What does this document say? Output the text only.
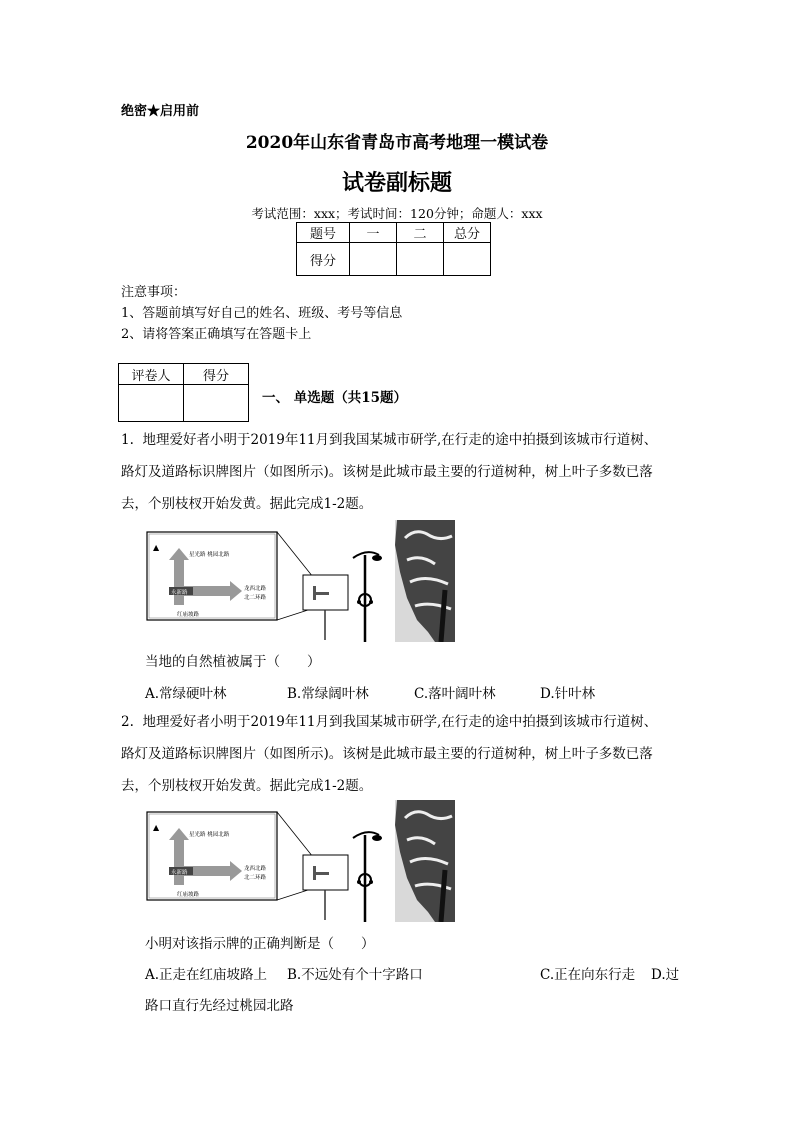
绝密★启用前
2020年山东省青岛市高考地理一模试卷
试卷副标题
考试范围：xxx；考试时间：120分钟；命题人：xxx
题号	一	二	总分
得分			
注意事项：
1、答题前填写好自己的姓名、班级、考号等信息
2、请将答案正确填写在答题卡上
评卷人	得分

一、 单选题（共15题）
1. 地理爱好者小明于2019年11月到我国某城市研学,在行走的途中拍摄到该城市行道树、
路灯及道路标识牌图片（如图所示)。该树是此城市最主要的行道树种，树上叶子多数已落
去，个别枝杈开始发黄。据此完成1-2题。
▲
永新路
星光路 桃园北路
龙西北路
北二环路
红庙坡路
当地的自然植被属于（　　）
A.常绿硬叶林	B.常绿阔叶林	C.落叶阔叶林	D.针叶林
2. 地理爱好者小明于2019年11月到我国某城市研学,在行走的途中拍摄到该城市行道树、
路灯及道路标识牌图片（如图所示)。该树是此城市最主要的行道树种，树上叶子多数已落
去，个别枝杈开始发黄。据此完成1-2题。
▲
永新路
星光路 桃园北路
龙西北路
北二环路
红庙坡路
小明对该指示牌的正确判断是（　　）
A.正走在红庙坡路上 B.不远处有个十字路口	C.正在向东行走 D.过
路口直行先经过桃园北路
